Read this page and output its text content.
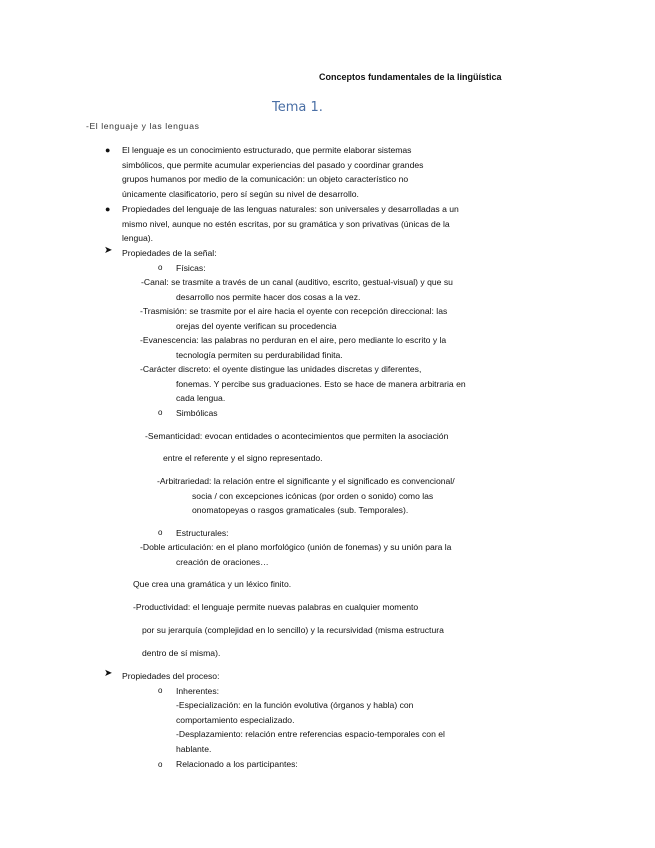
Conceptos fundamentales de la lingüística
Tema 1.
-El lenguaje y las lenguas
● El lenguaje es un conocimiento estructurado, que permite elaborar sistemas
simbólicos, que permite acumular experiencias del pasado y coordinar grandes
grupos humanos por medio de la comunicación: un objeto característico no
únicamente clasificatorio, pero sí según su nivel de desarrollo.
● Propiedades del lenguaje de las lenguas naturales: son universales y desarrolladas a un
mismo nivel, aunque no estén escritas, por su gramática y son privativas (únicas de la
lengua).
➤ Propiedades de la señal:
o Físicas:
-Canal: se trasmite a través de un canal (auditivo, escrito, gestual-visual) y que su
desarrollo nos permite hacer dos cosas a la vez.
-Trasmisión: se trasmite por el aire hacia el oyente con recepción direccional: las
orejas del oyente verifican su procedencia
-Evanescencia: las palabras no perduran en el aire, pero mediante lo escrito y la
tecnología permiten su perdurabilidad finita.
-Carácter discreto: el oyente distingue las unidades discretas y diferentes,
fonemas. Y percibe sus graduaciones. Esto se hace de manera arbitraria en
cada lengua.
o Simbólicas
-Semanticidad: evocan entidades o acontecimientos que permiten la asociación
entre el referente y el signo representado.
-Arbitrariedad: la relación entre el significante y el significado es convencional/
socia / con excepciones icónicas (por orden o sonido) como las
onomatopeyas o rasgos gramaticales (sub. Temporales).
o Estructurales:
-Doble articulación: en el plano morfológico (unión de fonemas) y su unión para la
creación de oraciones…
Que crea una gramática y un léxico finito.
-Productividad: el lenguaje permite nuevas palabras en cualquier momento
por su jerarquía (complejidad en lo sencillo) y la recursividad (misma estructura
dentro de sí misma).
➤ Propiedades del proceso:
o Inherentes:
-Especialización: en la función evolutiva (órganos y habla) con
comportamiento especializado.
-Desplazamiento: relación entre referencias espacio-temporales con el
hablante.
o Relacionado a los participantes:
